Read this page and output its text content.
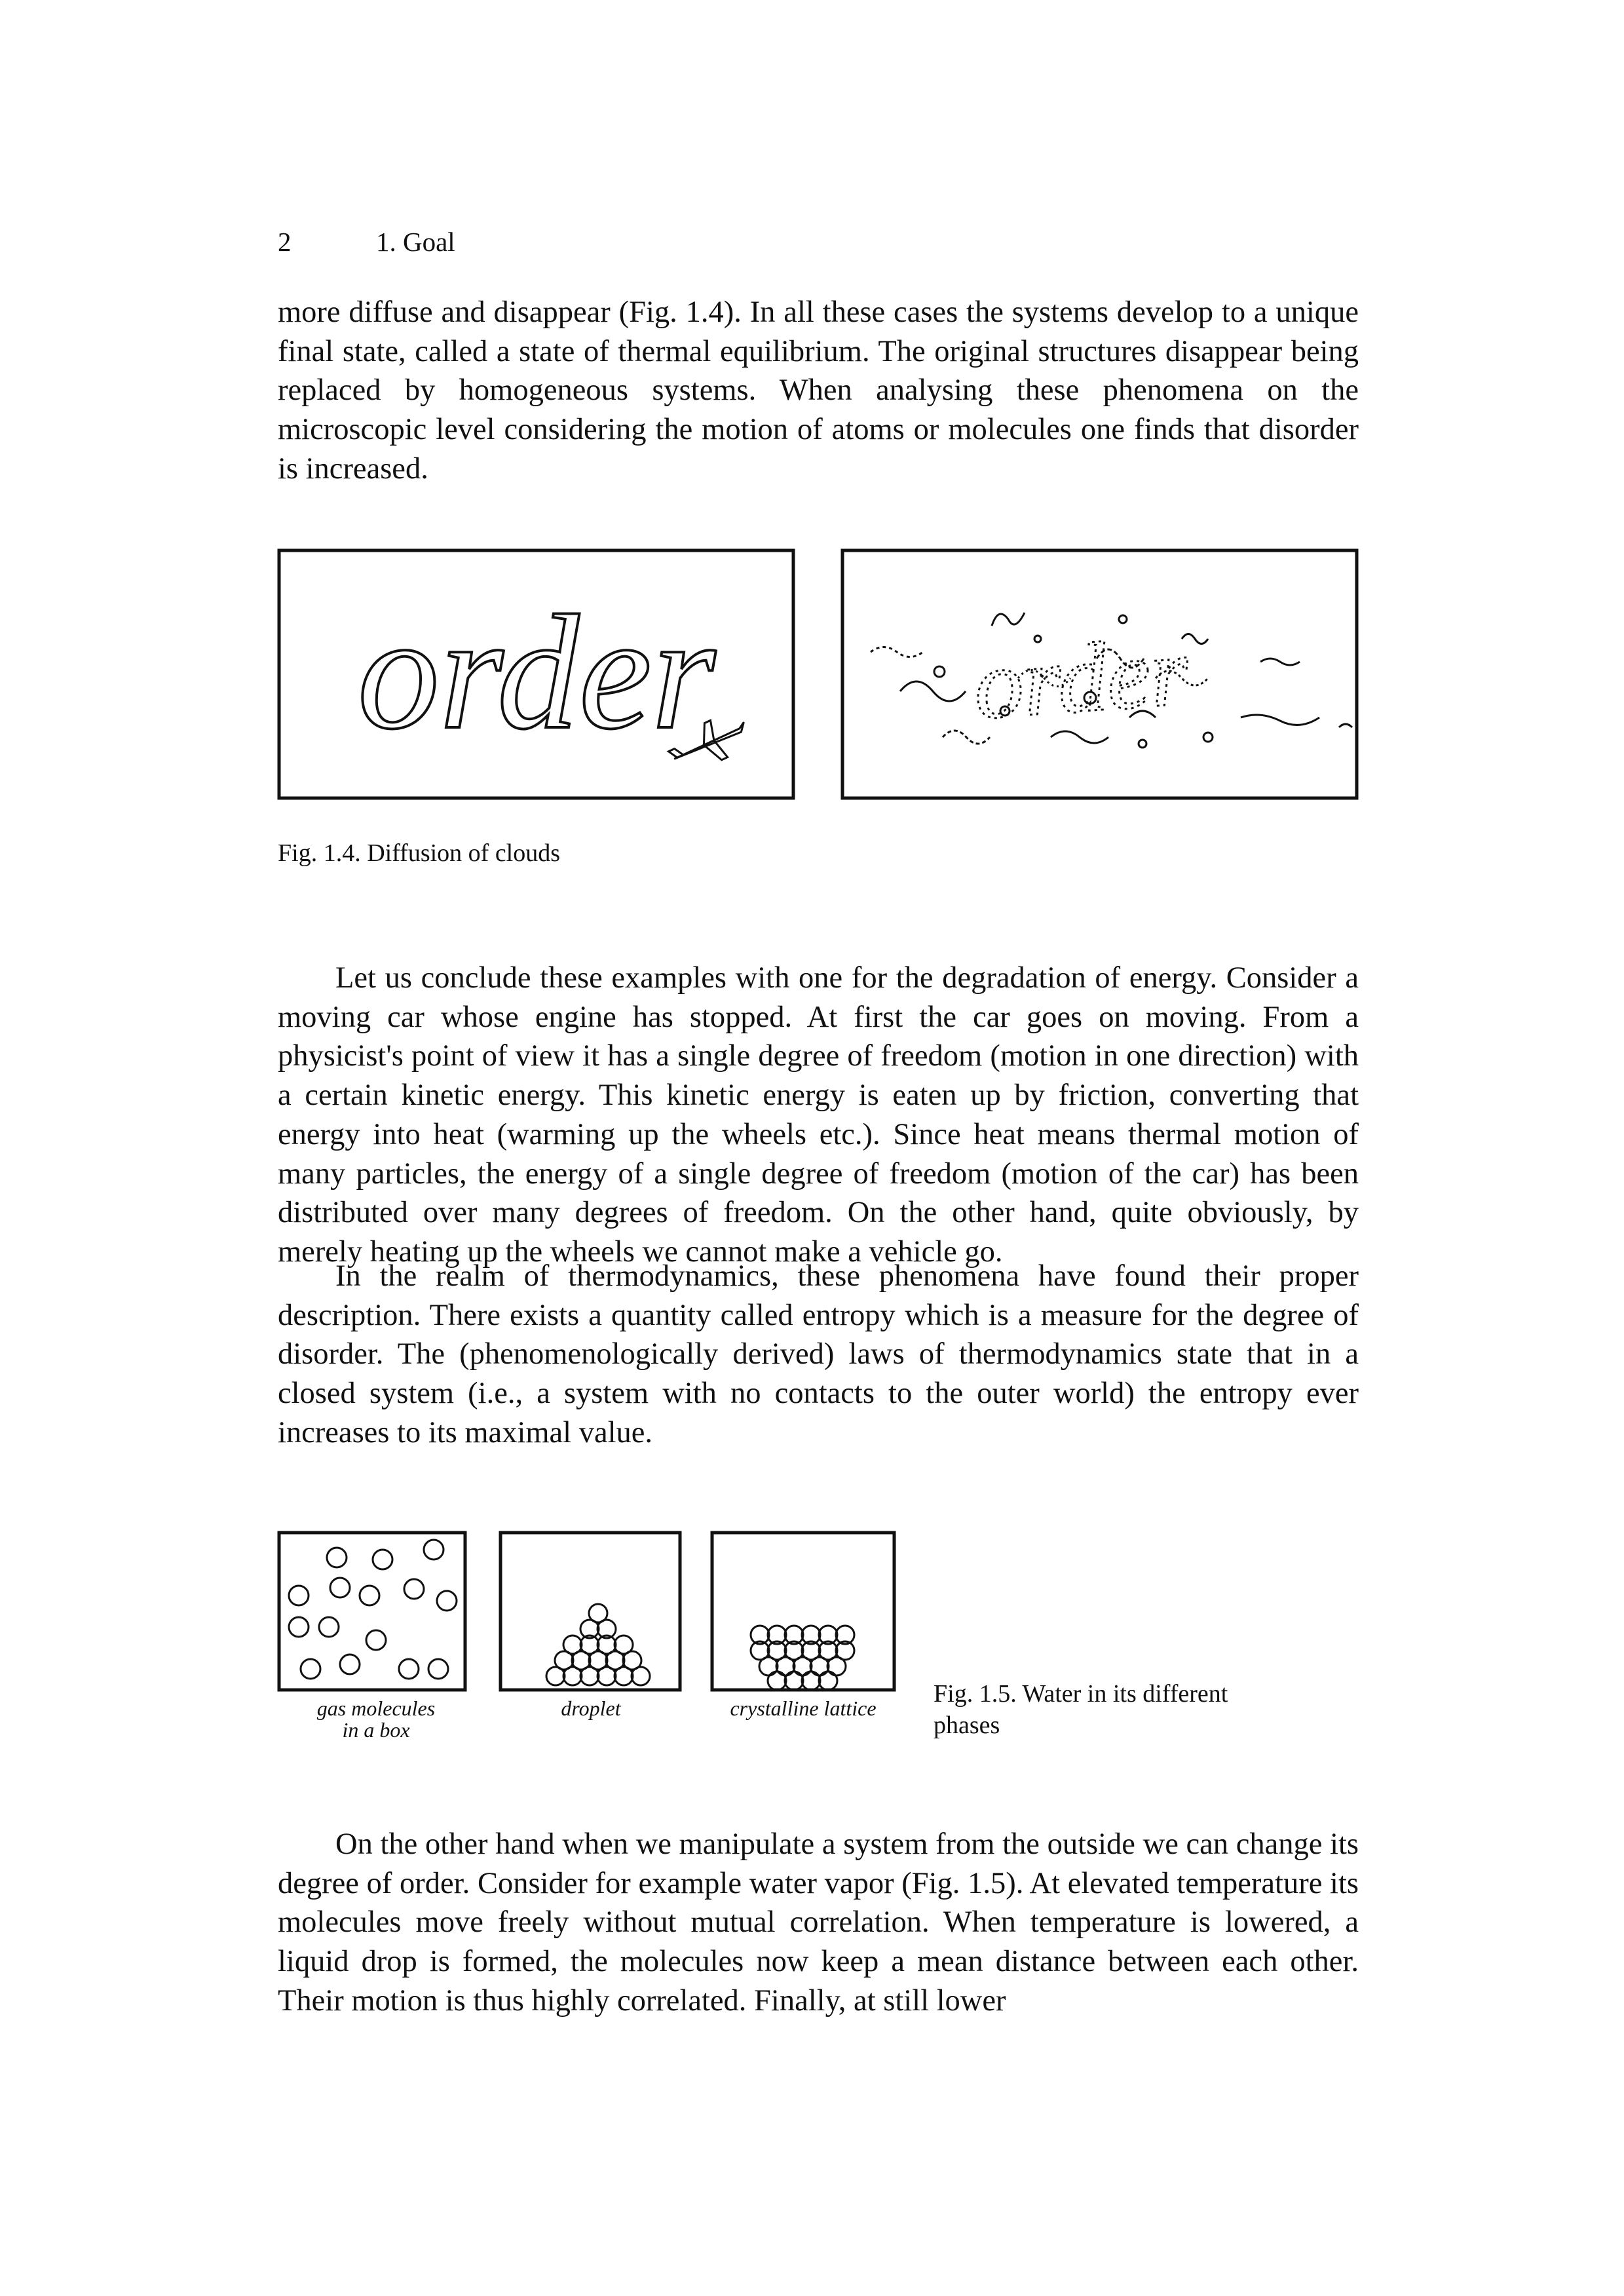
2	1. Goal

more diffuse and disappear (Fig. 1.4). In all these cases the systems develop to a unique final state, called a state of thermal equilibrium. The original structures disappear being replaced by homogeneous systems. When analysing these phenomena on the microscopic level considering the motion of atoms or molecules one finds that disorder is increased.

order	order
Fig. 1.4. Diffusion of clouds

Let us conclude these examples with one for the degradation of energy. Consider a moving car whose engine has stopped. At first the car goes on moving. From a physicist's point of view it has a single degree of freedom (motion in one direction) with a certain kinetic energy. This kinetic energy is eaten up by friction, converting that energy into heat (warming up the wheels etc.). Since heat means thermal motion of many particles, the energy of a single degree of freedom (motion of the car) has been distributed over many degrees of freedom. On the other hand, quite obviously, by merely heating up the wheels we cannot make a vehicle go.

In the realm of thermodynamics, these phenomena have found their proper description. There exists a quantity called entropy which is a measure for the degree of disorder. The (phenomenologically derived) laws of thermodynamics state that in a closed system (i.e., a system with no contacts to the outer world) the entropy ever increases to its maximal value.

gas molecules
in a box
droplet	crystalline lattice
Fig. 1.5. Water in its different phases

On the other hand when we manipulate a system from the outside we can change its degree of order. Consider for example water vapor (Fig. 1.5). At elevated temperature its molecules move freely without mutual correlation. When temperature is lowered, a liquid drop is formed, the molecules now keep a mean distance between each other. Their motion is thus highly correlated. Finally, at still lower
